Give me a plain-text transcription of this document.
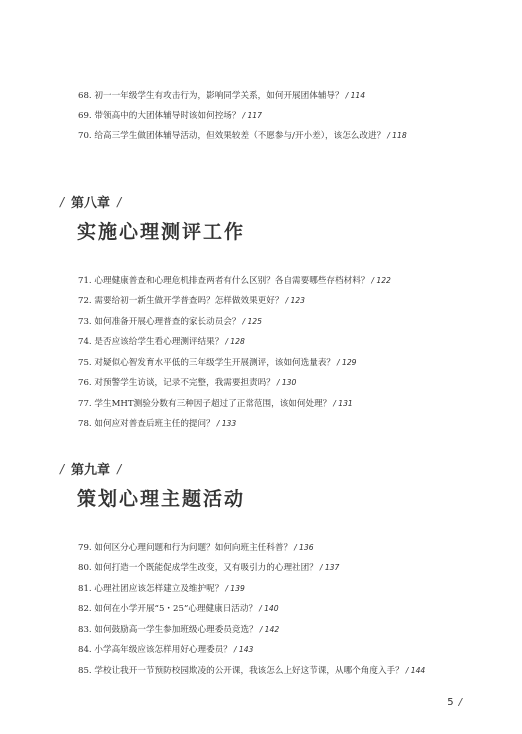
68. 初一一年级学生有攻击行为，影响同学关系，如何开展团体辅导？ / 114
69. 带领高中的大团体辅导时该如何控场？ / 117
70. 给高三学生做团体辅导活动，但效果较差（不愿参与/开小差），该怎么改进？ / 118
/ 第八章 /
实施心理测评工作
71. 心理健康普查和心理危机排查两者有什么区别？各自需要哪些存档材料？ / 122
72. 需要给初一新生做开学普查吗？怎样做效果更好？ / 123
73. 如何准备开展心理普查的家长动员会？ / 125
74. 是否应该给学生看心理测评结果？ / 128
75. 对疑似心智发育水平低的三年级学生开展测评，该如何选量表？ / 129
76. 对预警学生访谈，记录不完整，我需要担责吗？ / 130
77. 学生MHT测验分数有三种因子超过了正常范围，该如何处理？ / 131
78. 如何应对普查后班主任的提问？ / 133
/ 第九章 /
策划心理主题活动
79. 如何区分心理问题和行为问题？如何向班主任科普？ / 136
80. 如何打造一个既能促成学生改变，又有吸引力的心理社团？ / 137
81. 心理社团应该怎样建立及维护呢？ / 139
82. 如何在小学开展“5・25”心理健康日活动？ / 140
83. 如何鼓励高一学生参加班级心理委员竞选？ / 142
84. 小学高年级应该怎样用好心理委员？ / 143
85. 学校让我开一节预防校园欺凌的公开课，我该怎么上好这节课，从哪个角度入手？ / 144
5 /
